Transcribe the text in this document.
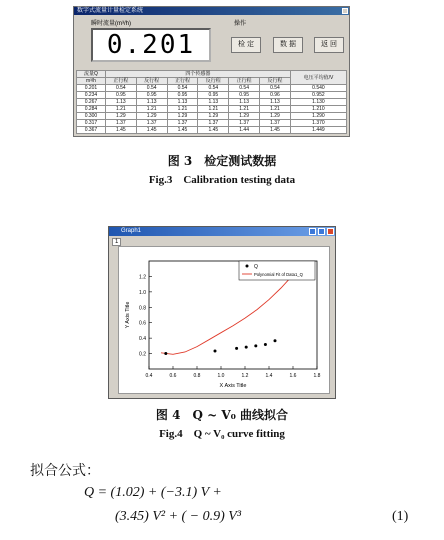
数字式流量计量检定系统
瞬时流量(m³/h)
0.201
操作
检 定	数 据	返 回
流量Q	四个传感器						电压平均值/V
m³/h	正行程	反行程	正行程	反行程	正行程	反行程	
0.201	0.54	0.54	0.54	0.54	0.54	0.54	0.540
0.234	0.95	0.95	0.95	0.95	0.95	0.96	0.952
0.267	1.13	1.13	1.13	1.13	1.13	1.13	1.130
0.284	1.21	1.21	1.21	1.21	1.21	1.21	1.210
0.300	1.29	1.29	1.29	1.29	1.29	1.29	1.290
0.317	1.37	1.37	1.37	1.37	1.37	1.37	1.370
0.367	1.45	1.45	1.45	1.45	1.44	1.45	1.449
图 3　检定测试数据
Fig.3　Calibration testing data
Graph1
1
0.4	0.6	0.8	1.0	1.2	1.4	1.6	1.8
0.2
0.4
0.6
0.8
1.0
1.2
X Axis Title
Y Axis Title
Q
Polynomial Fit of Data1_Q
图 4　Q ~ V₀ 曲线拟合
Fig.4　Q ~ V₀ curve fitting
拟合公式：
Q = (1.02) + (−3.1) V +
(3.45) V² + ( − 0.9) V³	(1)
